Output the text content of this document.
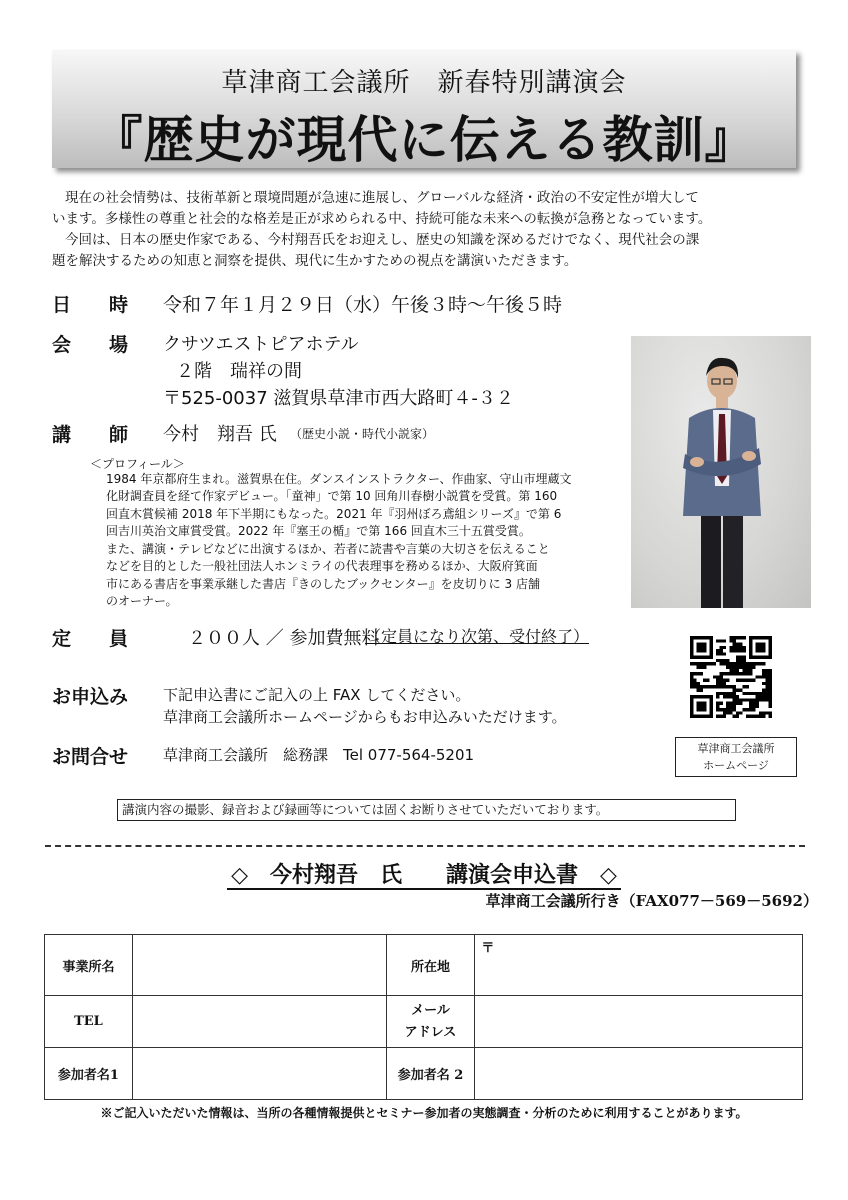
草津商工会議所　新春特別講演会
『歴史が現代に伝える教訓』
現在の社会情勢は、技術革新と環境問題が急速に進展し、グローバルな経済・政治の不安定性が増大して
います。多様性の尊重と社会的な格差是正が求められる中、持続可能な未来への転換が急務となっています。
今回は、日本の歴史作家である、今村翔吾氏をお迎えし、歴史の知識を深めるだけでなく、現代社会の課
題を解決するための知恵と洞察を提供、現代に生かすための視点を講演いただきます。
日　　時 令和７年１月２９日（水）午後３時～午後５時
会　　場 クサツエストピアホテル
２階　瑞祥の間
〒525-0037 滋賀県草津市西大路町４-３２
講　　師 今村　翔吾 氏 （歴史小説・時代小説家）
＜プロフィール＞
1984 年京都府生まれ。滋賀県在住。ダンスインストラクター、作曲家、守山市埋蔵文
化財調査員を経て作家デビュー。「童神」で第 10 回角川春樹小説賞を受賞。第 160
回直木賞候補 2018 年下半期にもなった。2021 年『羽州ぼろ鳶組シリーズ』で第 6
回吉川英治文庫賞受賞。2022 年『塞王の楯』で第 166 回直木三十五賞受賞。
また、講演・テレビなどに出演するほか、若者に読書や言葉の大切さを伝えること
などを目的とした一般社団法人ホンミライの代表理事を務めるほか、大阪府箕面
市にある書店を事業承継した書店『きのしたブックセンター』を皮切りに 3 店舗
のオーナー。
定　　員	２００人 ／ 参加費無料
（定員になり次第、受付終了）
草津商工会議所
ホームページ
お申込み 下記申込書にご記入の上 FAX してください。
草津商工会議所ホームページからもお申込みいただけます。
お問合せ 草津商工会議所　総務課　Tel 077-564-5201
講演内容の撮影、録音および録画等については固くお断りさせていただいております。
◇　今村翔吾　氏　　講演会申込書　◇
草津商工会議所行き（FAX077－569－5692）
事業所名		所在地	〒
TEL		メール
アドレス	

参加者名1		参加者名 2	
※ご記入いただいた情報は、当所の各種情報提供とセミナー参加者の実態調査・分析のために利用することがあります。
